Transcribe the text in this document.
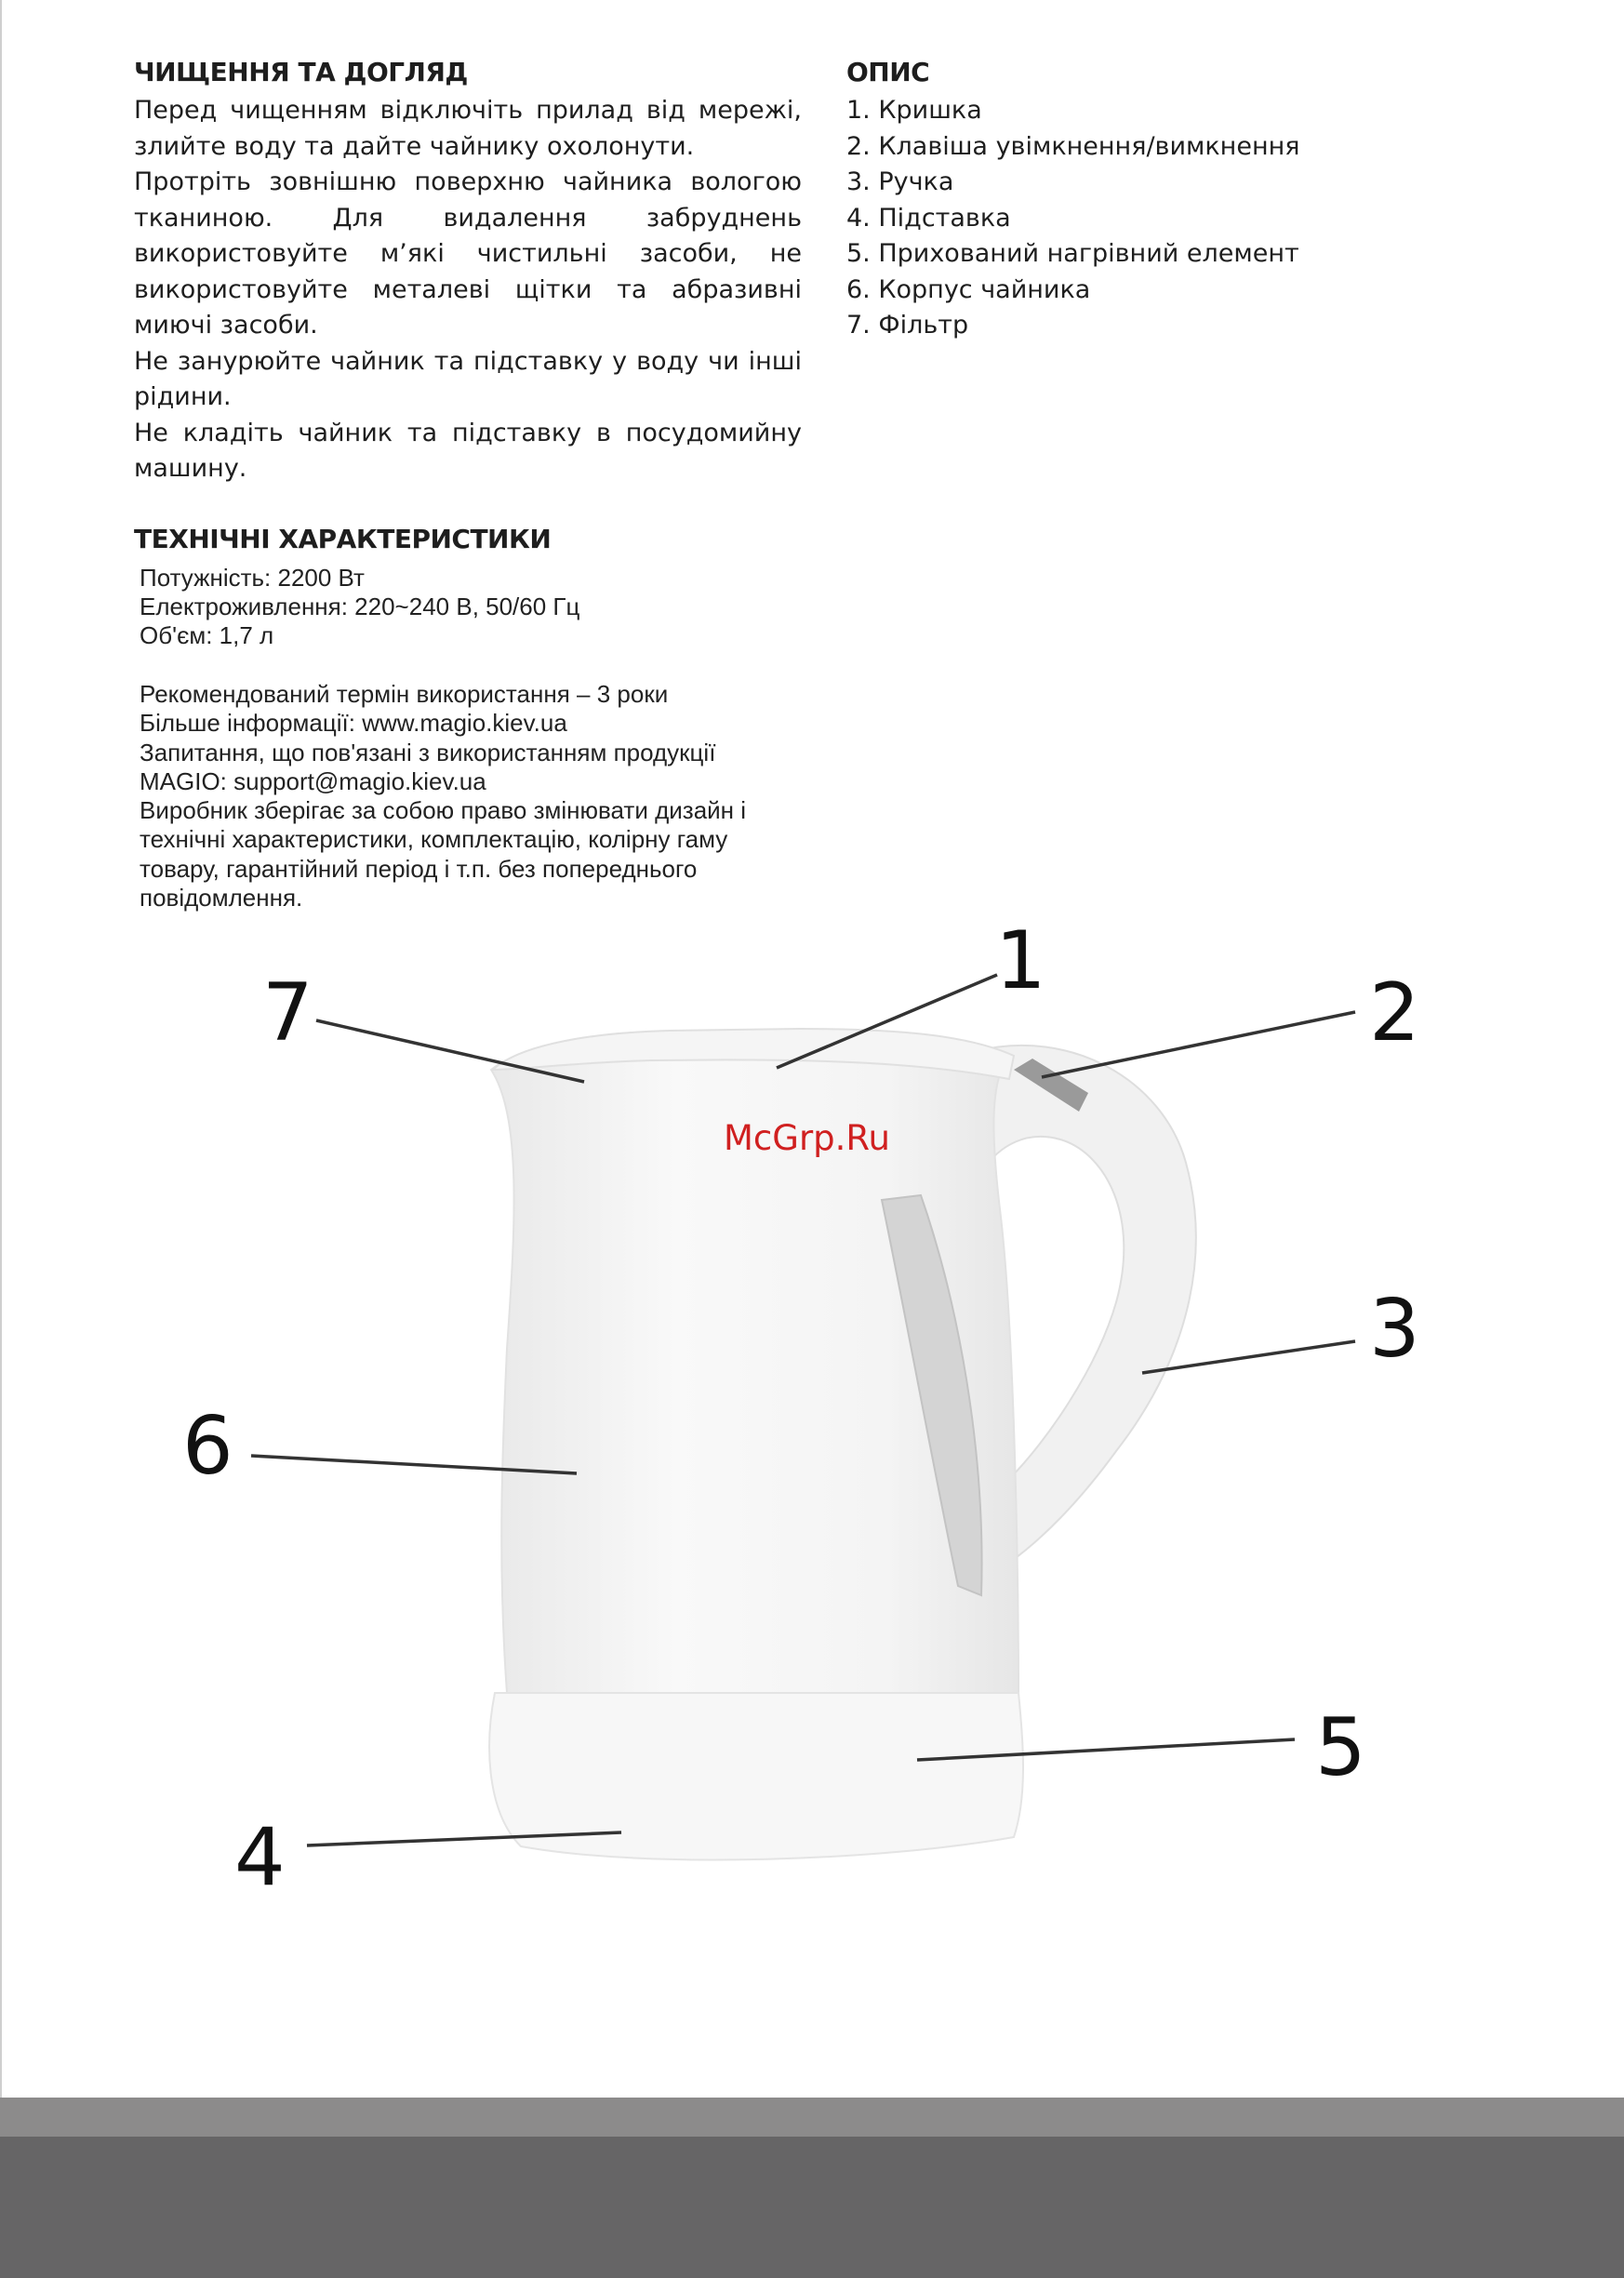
ЧИЩЕННЯ ТА ДОГЛЯД

Перед чищенням відключіть прилад від мережі, злийте воду та дайте чайнику охолонути.

Протріть зовнішню поверхню чайника вологою тканиною. Для видалення забруднень використовуйте м’які чистильні засоби, не використовуйте металеві щітки та абразивні миючі засоби.

Не занурюйте чайник та підставку у воду чи інші рідини.

Не кладіть чайник та підставку в посудомийну машину.

ТЕХНІЧНІ ХАРАКТЕРИСТИКИ
Потужність: 2200 Вт
Електроживлення: 220~240 В, 50/60 Гц
Об'єм: 1,7 л
Рекомендований термін використання – 3 роки
Більше інформації: www.magio.kiev.ua
Запитання, що пов'язані з використанням продукції
MAGIO: support@magio.kiev.ua
Виробник зберігає за собою право змінювати дизайн і
технічні характеристики, комплектацію, колірну гаму
товару, гарантійний період і т.п. без попереднього
повідомлення.
ОПИС
1. Кришка
2. Клавіша увімкнення/вимкнення
3. Ручка
4. Підставка
5. Прихований нагрівний елемент
6. Корпус чайника
7. Фільтр
1
2
3
4
5
6
7
McGrp.Ru
